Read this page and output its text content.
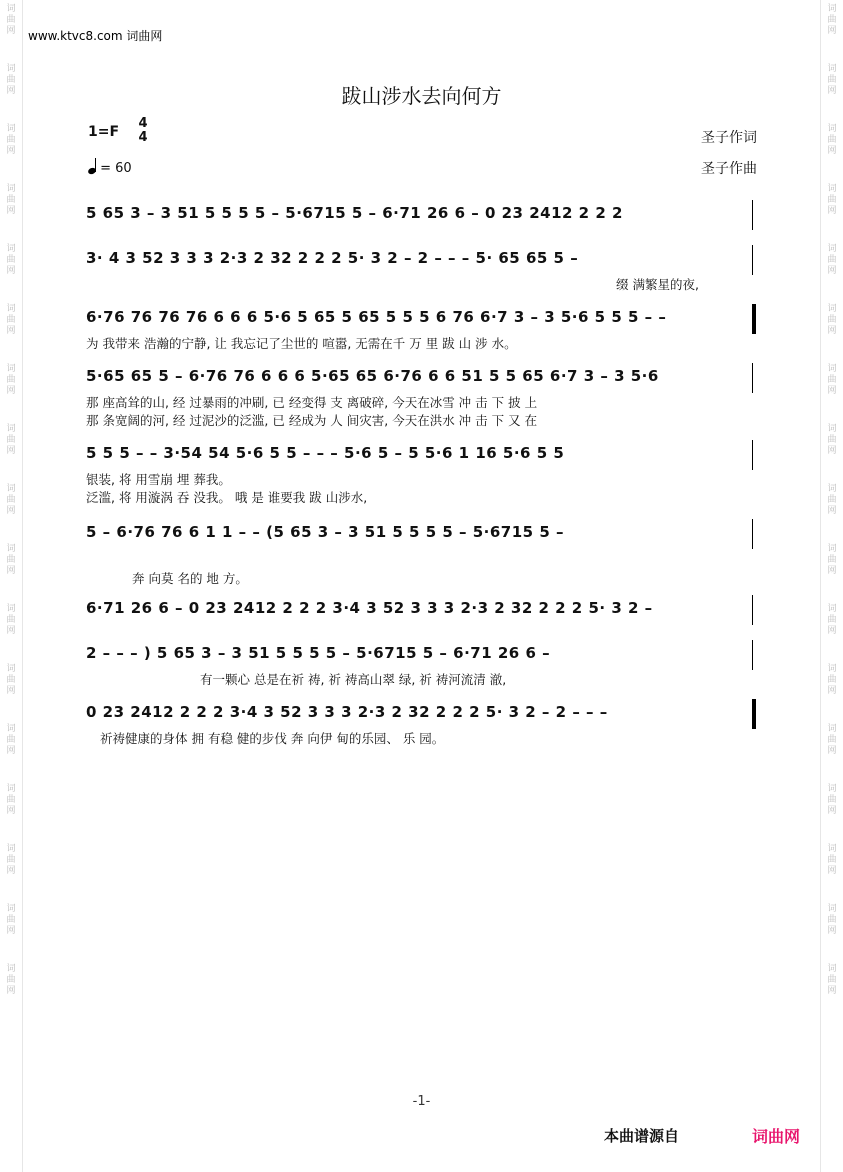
词
曲
网
词
曲
网
词
曲
网
词
曲
网
词
曲
网
词
曲
网
词
曲
网
词
曲
网
词
曲
网
词
曲
网
词
曲
网
词
曲
网
词
曲
网
词
曲
网
词
曲
网
词
曲
网
词
曲
网
词
曲
网
词
曲
网
词
曲
网
词
曲
网
词
曲
网
词
曲
网
词
曲
网
词
曲
网
词
曲
网
词
曲
网
词
曲
网
词
曲
网
词
曲
网
词
曲
网
词
曲
网
词
曲
网
词
曲
网
www.ktvc8.com 词曲网
跋山涉水去向何方
1=F
4
4
= 60
圣子作词
圣子作曲
5 65 3 – 3 51 5 5 5 5 – 5·6715 5 – 6·71 26 6 – 0 23 2412 2 2 2
3· 4 3 52 3 3 3 2·3 2 32 2 2 2 5· 3 2 – 2 – – – 5· 65 65 5 –
缀 满繁星的夜,
6·76 76 76 76 6 6 6 5·6 5 65 5 65 5 5 5 6 76 6·7 3 – 3 5·6 5 5 5 – –
为 我带来 浩瀚的宁静, 让 我忘记了尘世的 喧嚣, 无需在千 万 里 跋 山 涉 水。
5·65 65 5 – 6·76 76 6 6 6 5·65 65 6·76 6 6 51 5 5 65 6·7 3 – 3 5·6
那 座高耸的山, 经 过暴雨的冲刷, 已 经变得 支 离破碎, 今天在冰雪 冲 击 下 披 上
那 条宽阔的河, 经 过泥沙的泛滥, 已 经成为 人 间灾害, 今天在洪水 冲 击 下 又 在
5 5 5 – – 3·54 54 5·6 5 5 – – – 5·6 5 – 5 5·6 1 16 5·6 5 5
银装, 将 用雪崩 埋 葬我。
泛滥, 将 用漩涡 吞 没我。 哦 是 谁要我 跋 山涉水,
5 – 6·76 76 6 1 1 – – (5 65 3 – 3 51 5 5 5 5 – 5·6715 5 –
奔 向莫 名的 地 方。
6·71 26 6 – 0 23 2412 2 2 2 3·4 3 52 3 3 3 2·3 2 32 2 2 2 5· 3 2 –
2 – – – ) 5 65 3 – 3 51 5 5 5 5 – 5·6715 5 – 6·71 26 6 –
有一颗心 总是在祈 祷, 祈 祷高山翠 绿, 祈 祷河流清 澈,
0 23 2412 2 2 2 3·4 3 52 3 3 3 2·3 2 32 2 2 2 5· 3 2 – 2 – – –
祈祷健康的身体 拥 有稳 健的步伐 奔 向伊 甸的乐园、 乐 园。
-1-
本曲谱源自	词曲网
